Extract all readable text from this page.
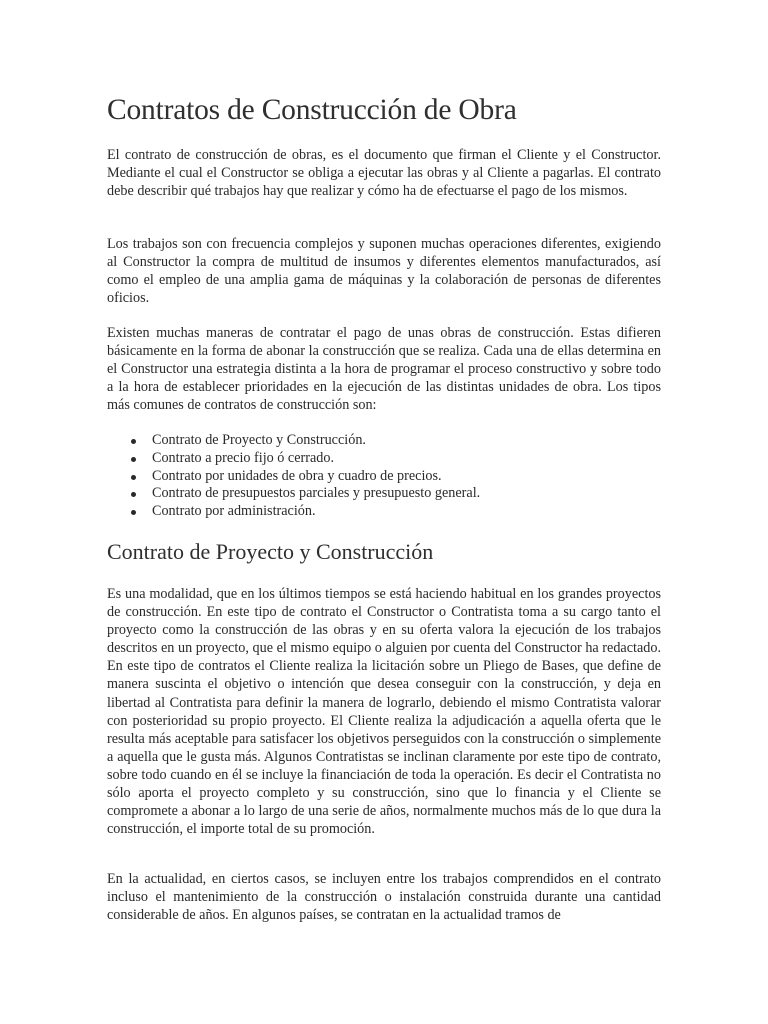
Contratos de Construcción de Obra

El contrato de construcción de obras, es el documento que firman el Cliente y el Constructor. Mediante el cual el Constructor se obliga a ejecutar las obras y al Cliente a pagarlas. El contrato debe describir qué trabajos hay que realizar y cómo ha de efectuarse el pago de los mismos.

Los trabajos son con frecuencia complejos y suponen muchas operaciones diferentes, exigiendo al Constructor la compra de multitud de insumos y diferentes elementos manufacturados, así como el empleo de una amplia gama de máquinas y la colaboración de personas de diferentes oficios.

Existen muchas maneras de contratar el pago de unas obras de construcción. Estas difieren básicamente en la forma de abonar la construcción que se realiza. Cada una de ellas determina en el Constructor una estrategia distinta a la hora de programar el proceso constructivo y sobre todo a la hora de establecer prioridades en la ejecución de las distintas unidades de obra. Los tipos más comunes de contratos de construcción son:

Contrato de Proyecto y Construcción.
Contrato a precio fijo ó cerrado.
Contrato por unidades de obra y cuadro de precios.
Contrato de presupuestos parciales y presupuesto general.
Contrato por administración.
Contrato de Proyecto y Construcción

Es una modalidad, que en los últimos tiempos se está haciendo habitual en los grandes proyectos de construcción. En este tipo de contrato el Constructor o Contratista toma a su cargo tanto el proyecto como la construcción de las obras y en su oferta valora la ejecución de los trabajos descritos en un proyecto, que el mismo equipo o alguien por cuenta del Constructor ha redactado. En este tipo de contratos el Cliente realiza la licitación sobre un Pliego de Bases, que define de manera suscinta el objetivo o intención que desea conseguir con la construcción, y deja en libertad al Contratista para definir la manera de lograrlo, debiendo el mismo Contratista valorar con posterioridad su propio proyecto. El Cliente realiza la adjudicación a aquella oferta que le resulta más aceptable para satisfacer los objetivos perseguidos con la construcción o simplemente a aquella que le gusta más. Algunos Contratistas se inclinan claramente por este tipo de contrato, sobre todo cuando en él se incluye la financiación de toda la operación. Es decir el Contratista no sólo aporta el proyecto completo y su construcción, sino que lo financia y el Cliente se compromete a abonar a lo largo de una serie de años, normalmente muchos más de lo que dura la construcción, el importe total de su promoción.

En la actualidad, en ciertos casos, se incluyen entre los trabajos comprendidos en el contrato incluso el mantenimiento de la construcción o instalación construida durante una cantidad considerable de años. En algunos países, se contratan en la actualidad tramos de
